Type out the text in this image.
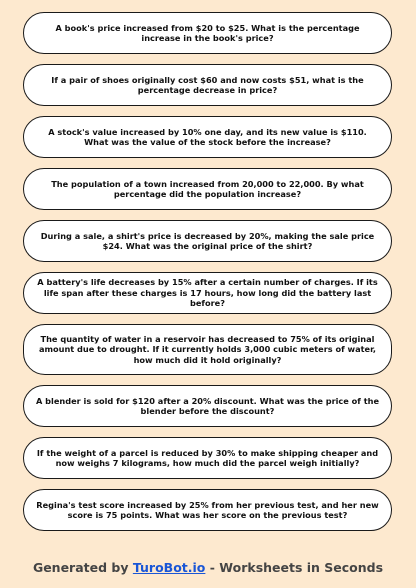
A book's price increased from $20 to $25. What is the percentage increase in the book's price?
If a pair of shoes originally cost $60 and now costs $51, what is the percentage decrease in price?
A stock's value increased by 10% one day, and its new value is $110. What was the value of the stock before the increase?
The population of a town increased from 20,000 to 22,000. By what percentage did the population increase?
During a sale, a shirt's price is decreased by 20%, making the sale price $24. What was the original price of the shirt?
A battery's life decreases by 15% after a certain number of charges. If its life span after these charges is 17 hours, how long did the battery last before?
The quantity of water in a reservoir has decreased to 75% of its original amount due to drought. If it currently holds 3,000 cubic meters of water, how much did it hold originally?
A blender is sold for $120 after a 20% discount. What was the price of the blender before the discount?
If the weight of a parcel is reduced by 30% to make shipping cheaper and now weighs 7 kilograms, how much did the parcel weigh initially?
Regina's test score increased by 25% from her previous test, and her new score is 75 points. What was her score on the previous test?
Generated by TuroBot.io - Worksheets in Seconds
